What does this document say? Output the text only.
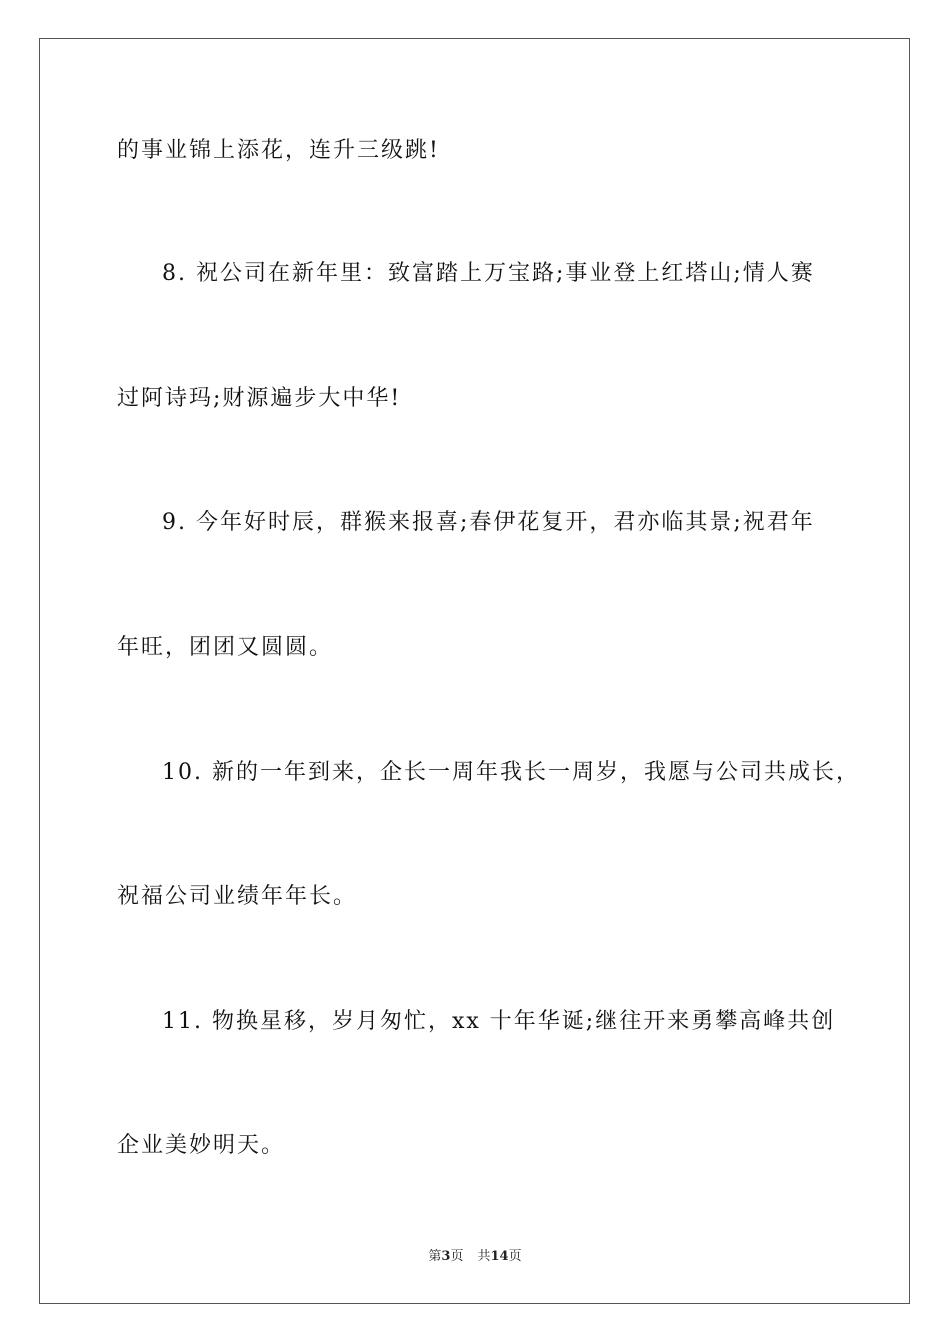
的事业锦上添花，连升三级跳!
8. 祝公司在新年里：致富踏上万宝路;事业登上红塔山;情人赛
过阿诗玛;财源遍步大中华!
9. 今年好时辰，群猴来报喜;春伊花复开，君亦临其景;祝君年
年旺，团团又圆圆。
10. 新的一年到来，企长一周年我长一周岁，我愿与公司共成长，
祝福公司业绩年年长。
11. 物换星移，岁月匆忙，xx 十年华诞;继往开来勇攀高峰共创
企业美妙明天。
第3页 共14页
